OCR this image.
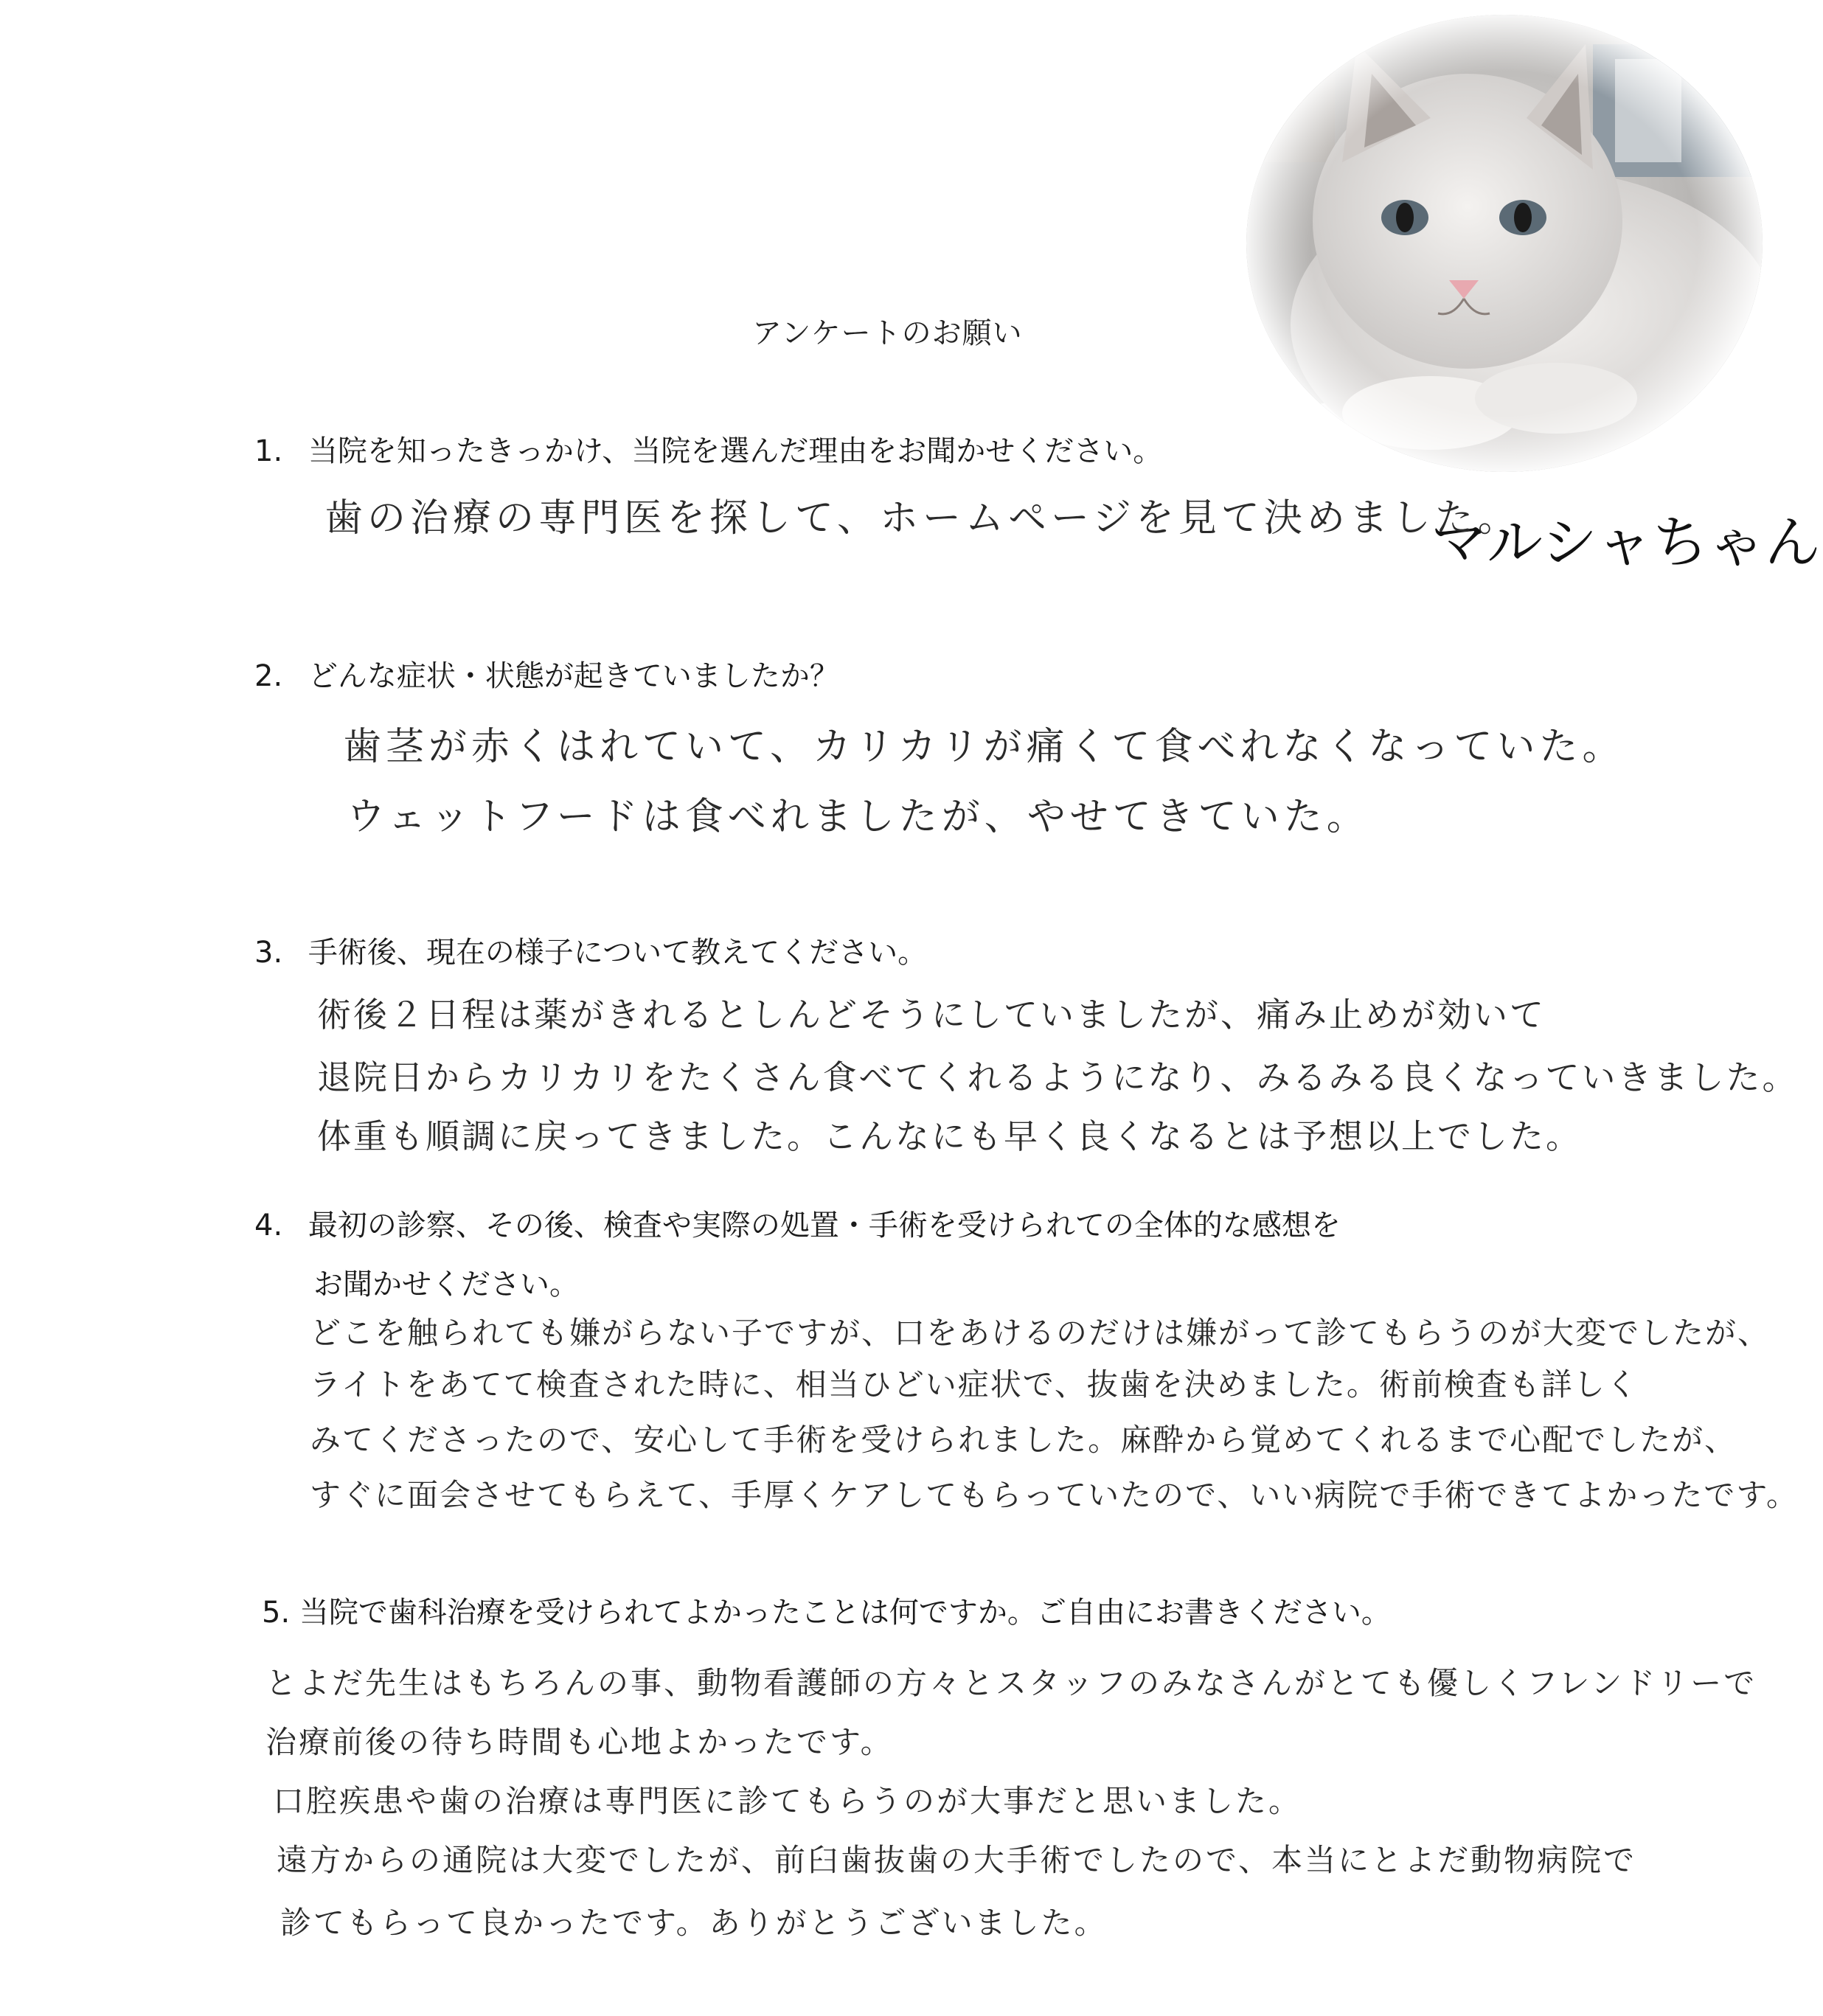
アンケートのお願い
マルシャちゃん
1. 当院を知ったきっかけ、当院を選んだ理由をお聞かせください。
歯の治療の専門医を探して、ホームページを見て決めました。
2. どんな症状・状態が起きていましたか？
歯茎が赤くはれていて、カリカリが痛くて食べれなくなっていた。
ウェットフードは食べれましたが、やせてきていた。
3. 手術後、現在の様子について教えてください。
術後２日程は薬がきれるとしんどそうにしていましたが、痛み止めが効いて
退院日からカリカリをたくさん食べてくれるようになり、みるみる良くなっていきました。
体重も順調に戻ってきました。こんなにも早く良くなるとは予想以上でした。
4. 最初の診察、その後、検査や実際の処置・手術を受けられての全体的な感想を
お聞かせください。
どこを触られても嫌がらない子ですが、口をあけるのだけは嫌がって診てもらうのが大変でしたが、
ライトをあてて検査された時に、相当ひどい症状で、抜歯を決めました。術前検査も詳しく
みてくださったので、安心して手術を受けられました。麻酔から覚めてくれるまで心配でしたが、
すぐに面会させてもらえて、手厚くケアしてもらっていたので、いい病院で手術できてよかったです。
5. 当院で歯科治療を受けられてよかったことは何ですか。ご自由にお書きください。
とよだ先生はもちろんの事、動物看護師の方々とスタッフのみなさんがとても優しくフレンドリーで
治療前後の待ち時間も心地よかったです。
口腔疾患や歯の治療は専門医に診てもらうのが大事だと思いました。
遠方からの通院は大変でしたが、前臼歯抜歯の大手術でしたので、本当にとよだ動物病院で
診てもらって良かったです。ありがとうございました。
